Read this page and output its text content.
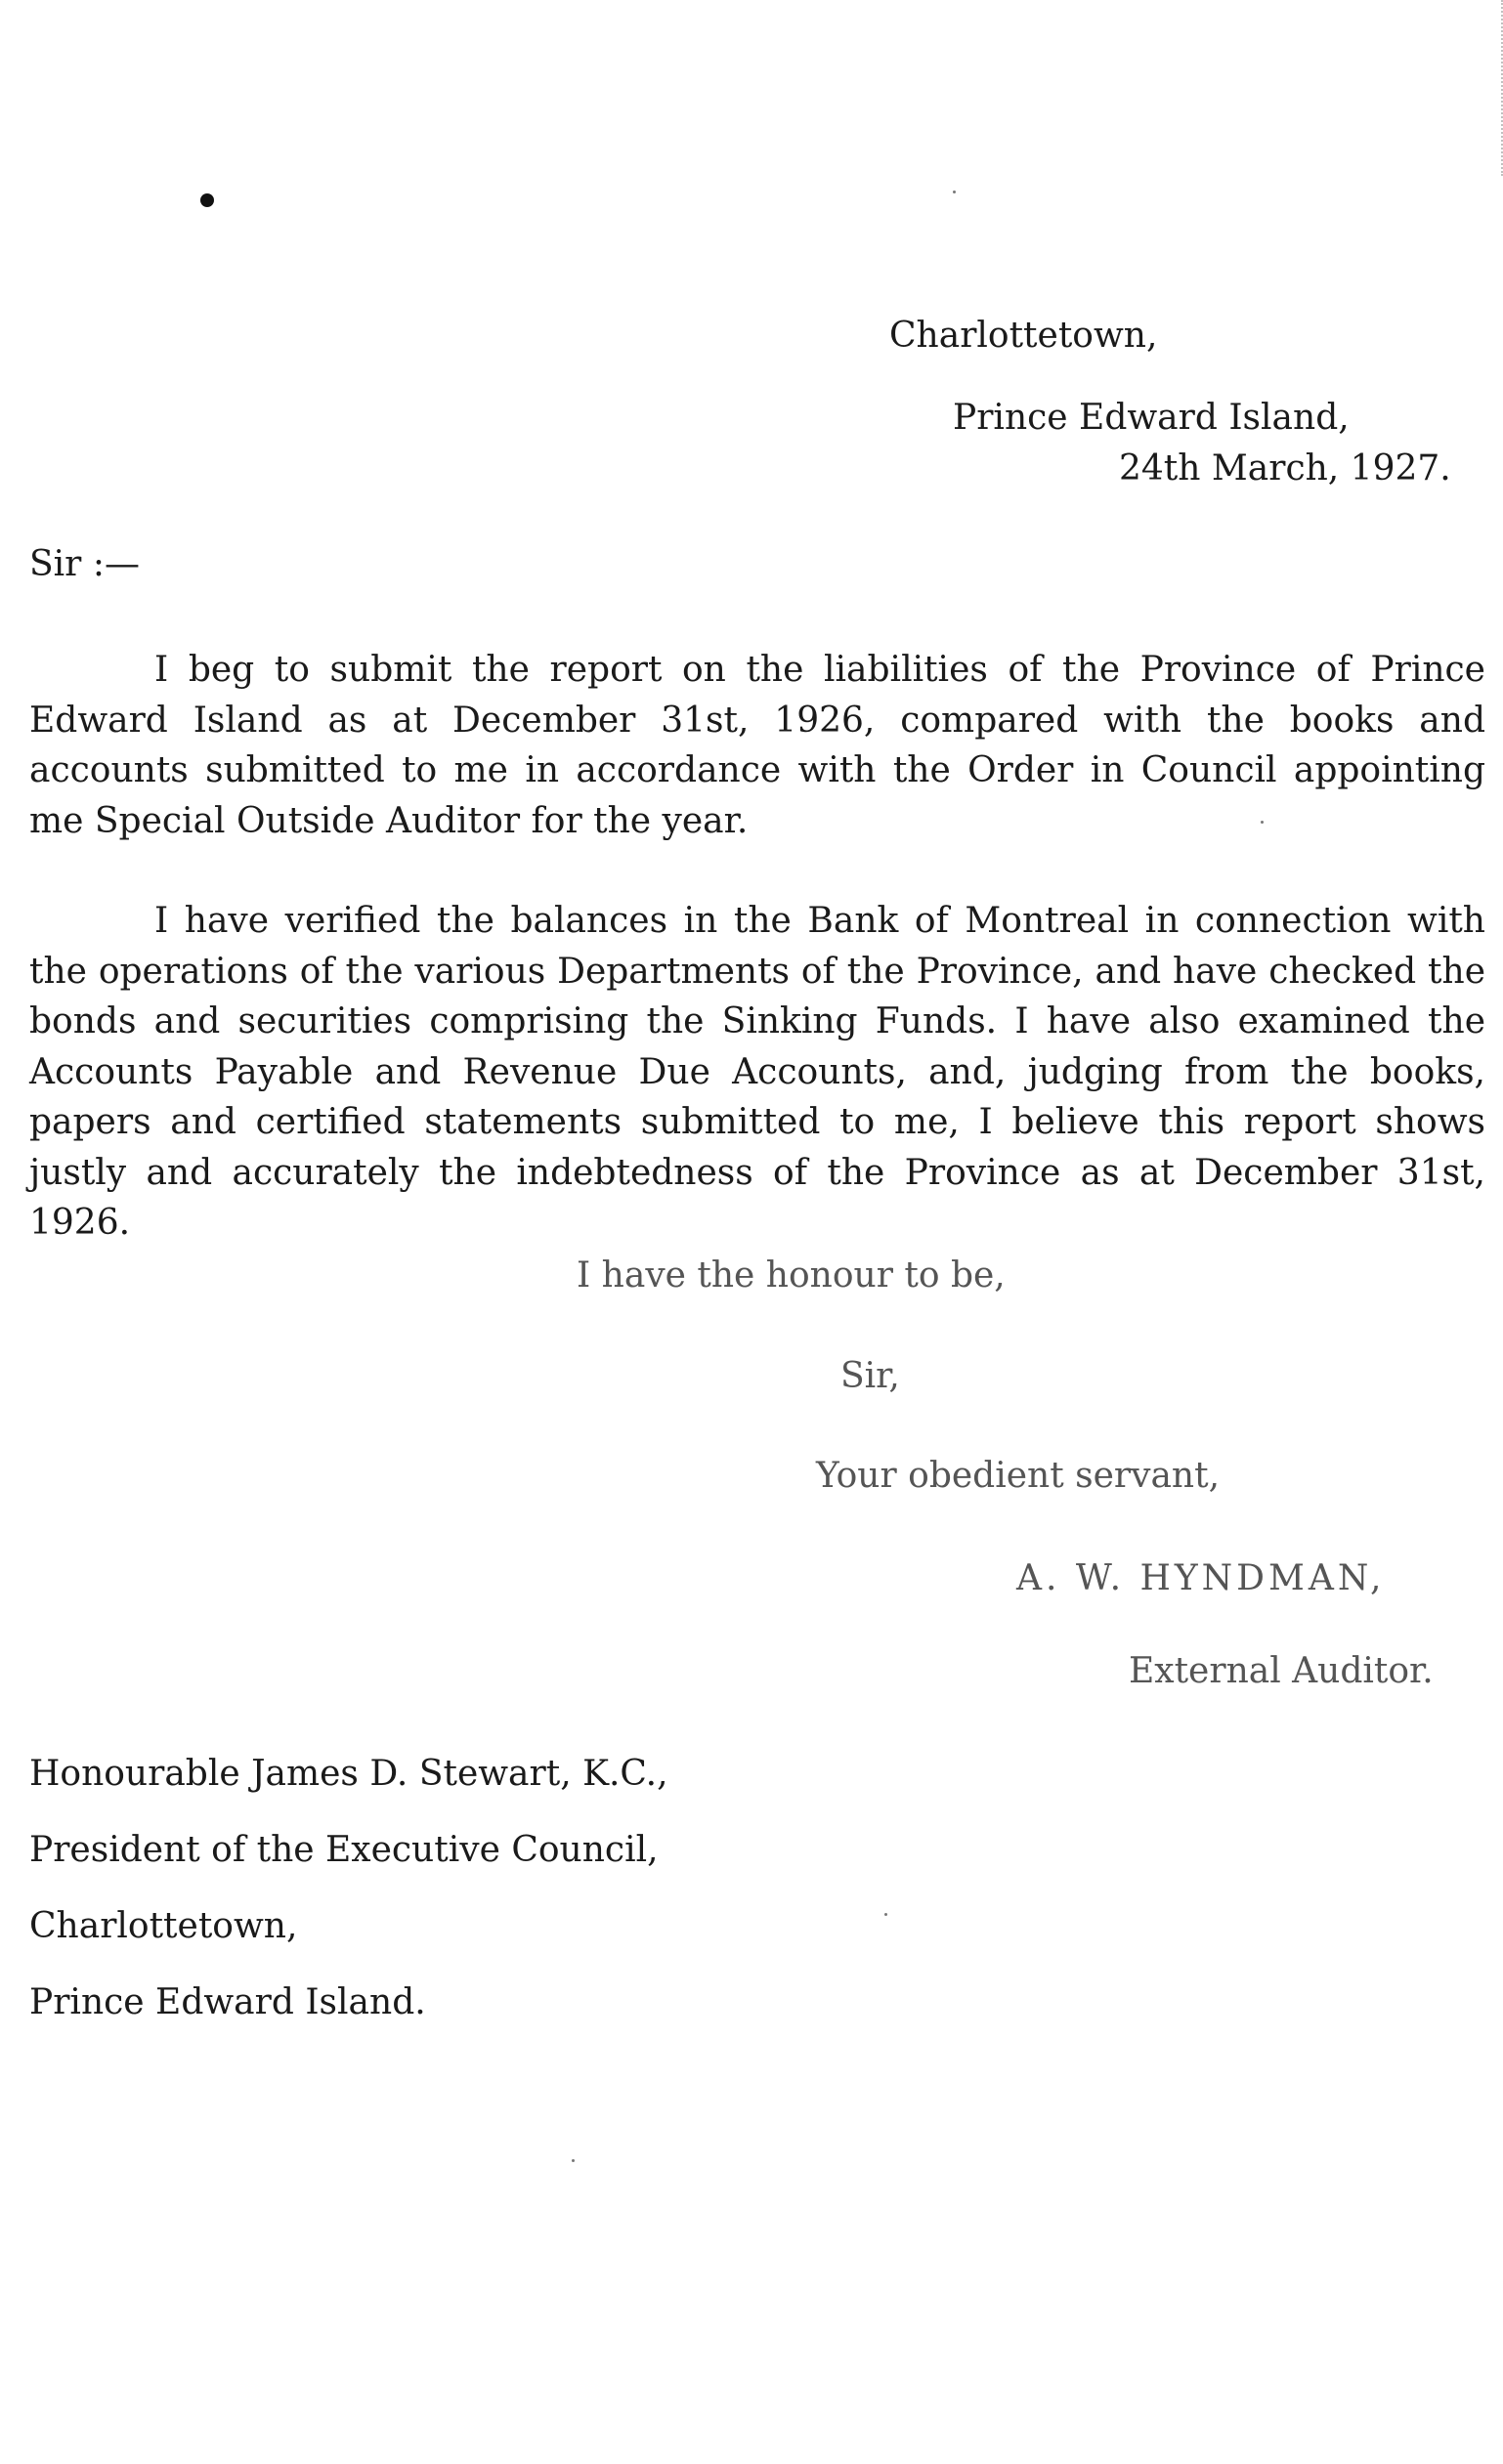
Charlottetown,
Prince Edward Island,
24th March, 1927.
Sir :—

I beg to submit the report on the liabilities of the Province of Prince Edward Island as at December 31st, 1926, compared with the books and accounts submitted to me in accordance with the Order in Council appointing me Special Outside Auditor for the year.

I have verified the balances in the Bank of Montreal in connection with the operations of the various Departments of the Province, and have checked the bonds and securities comprising the Sinking Funds. I have also examined the Accounts Payable and Revenue Due Accounts, and, judging from the books, papers and certified statements submitted to me, I believe this report shows justly and accurately the indebtedness of the Province as at December 31st, 1926.

I have the honour to be,
Sir,
Your obedient servant,
A. W. HYNDMAN,
External Auditor.
Honourable James D. Stewart, K.C.,
President of the Executive Council,
Charlottetown,
Prince Edward Island.
